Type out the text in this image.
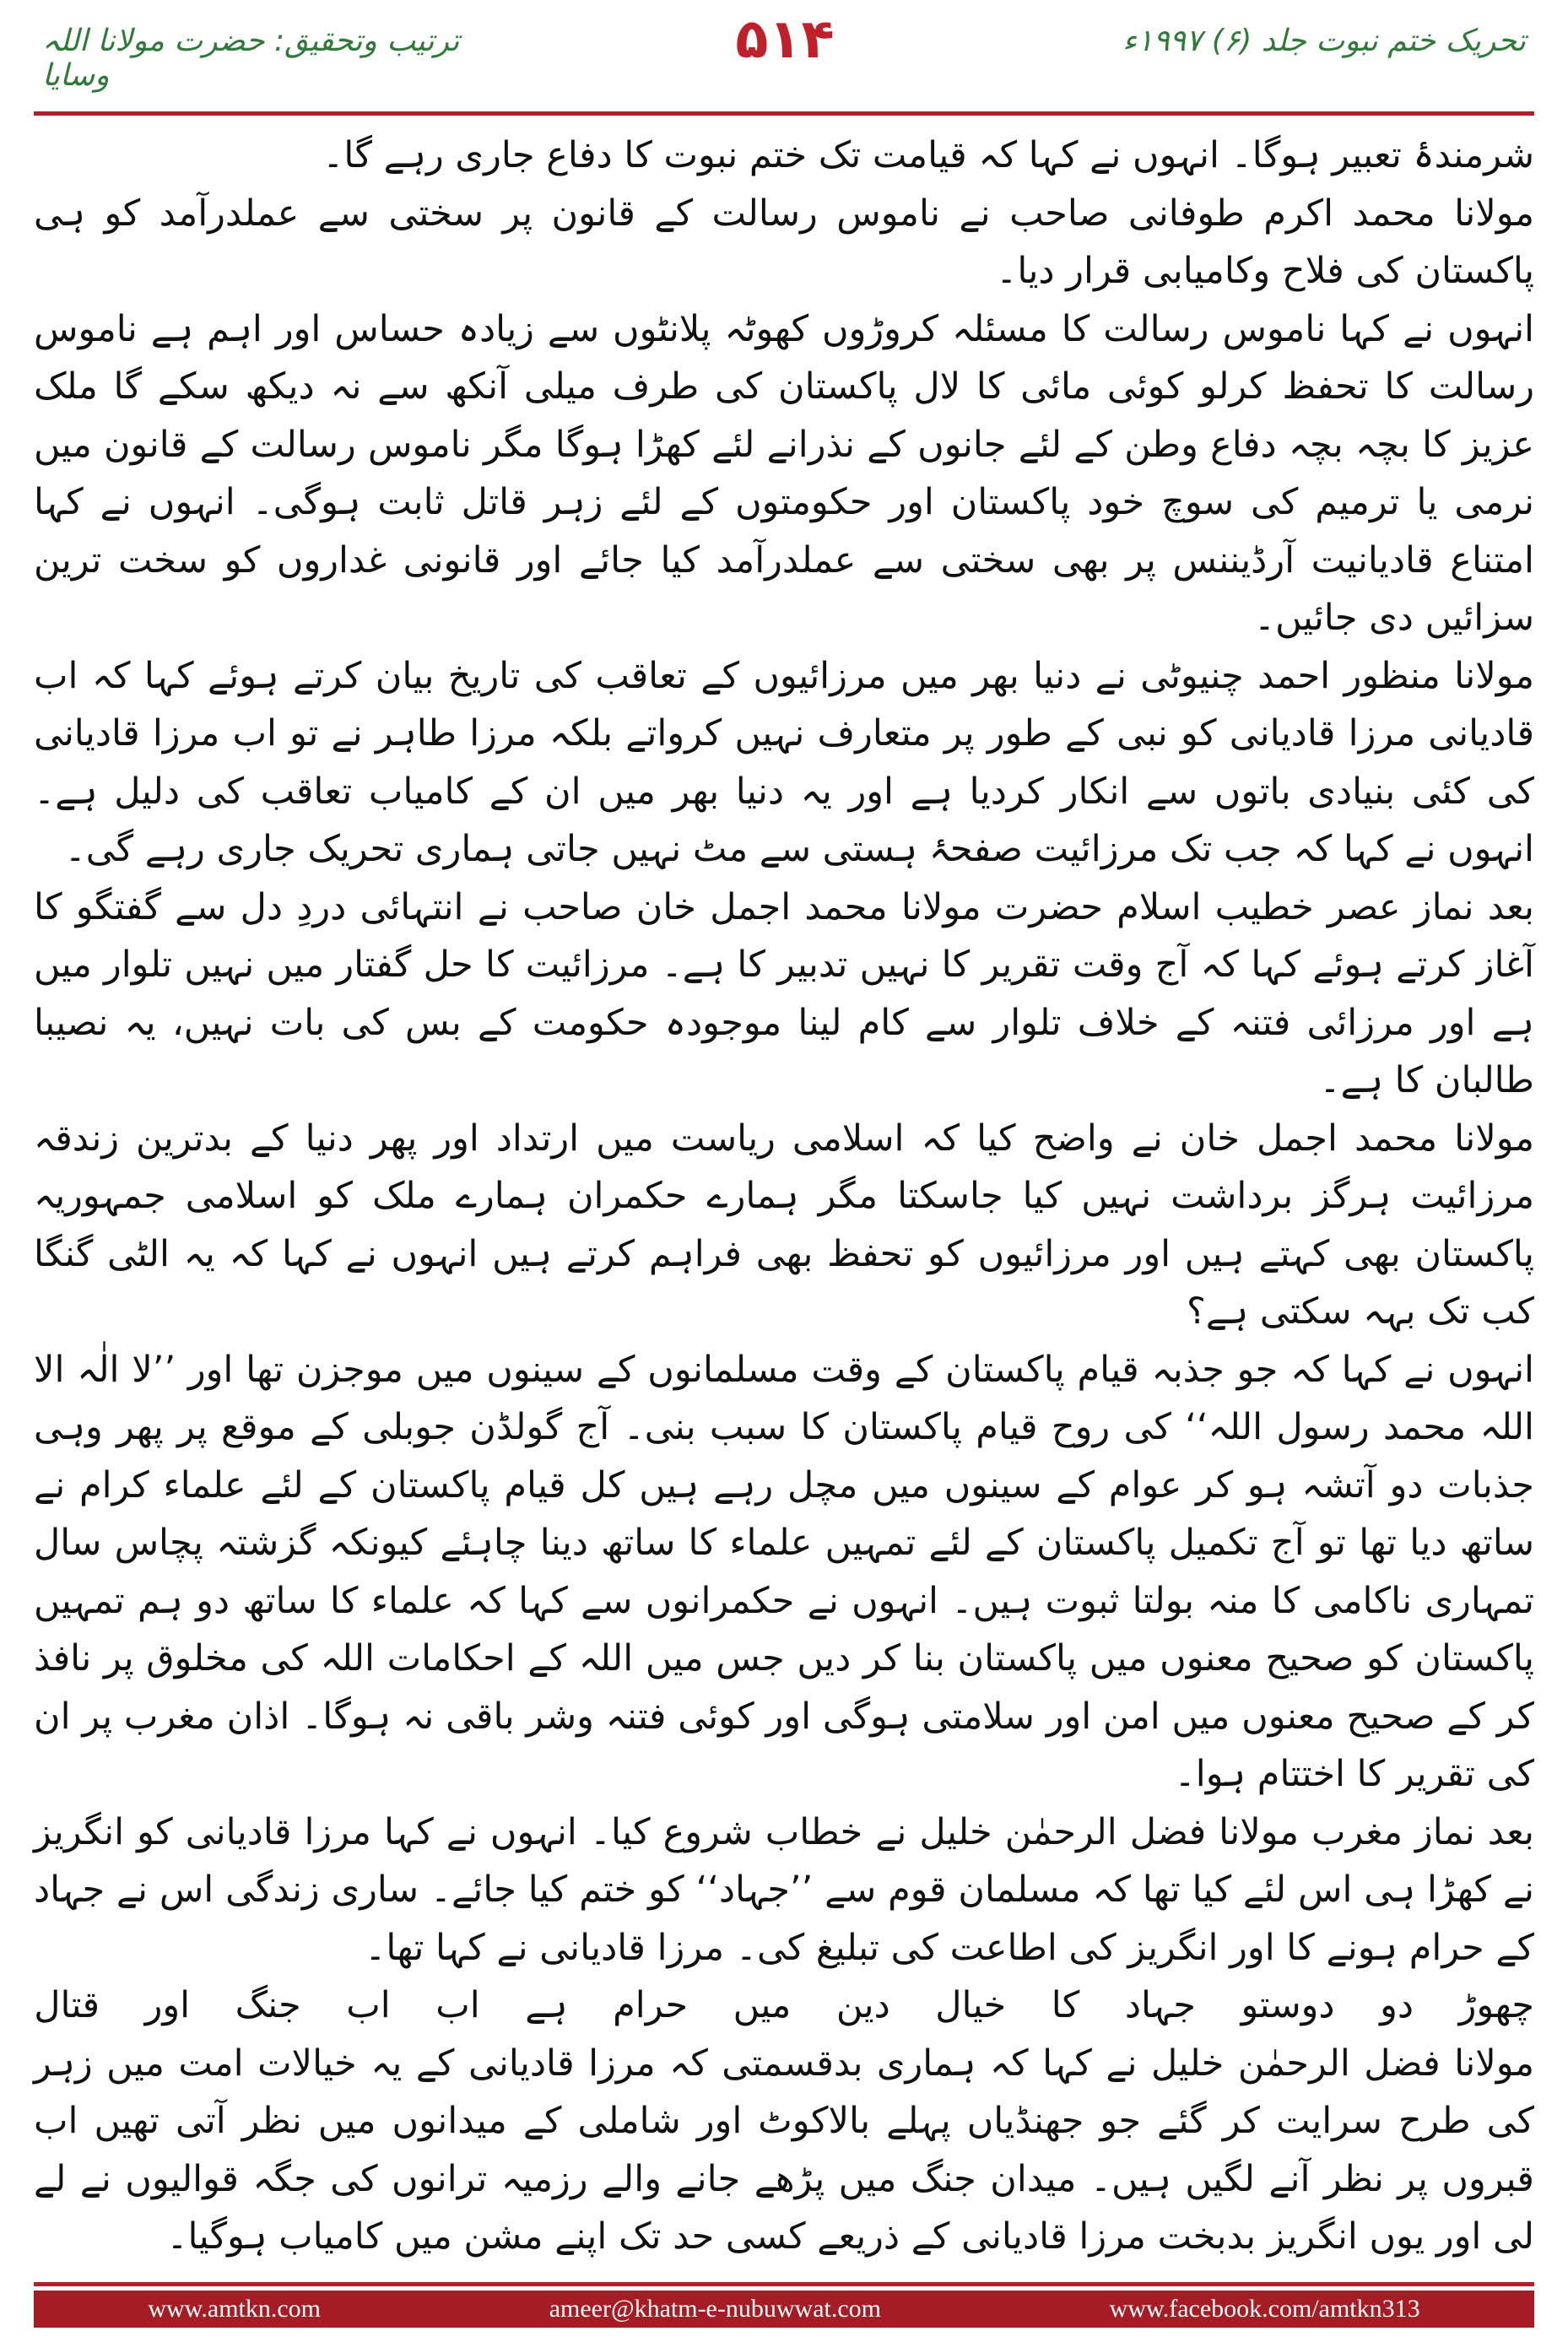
ترتیب وتحقیق: حضرت مولانا اللہ وسایا
۵۱۴	تحریک ختم نبوت جلد (۶) ۱۹۹۷ء

شرمندۂ تعبیر ہوگا۔ انہوں نے کہا کہ قیامت تک ختم نبوت کا دفاع جاری رہے گا۔

مولانا محمد اکرم طوفانی صاحب نے ناموس رسالت کے قانون پر سختی سے عملدرآمد کو ہی پاکستان کی فلاح وکامیابی قرار دیا۔

انہوں نے کہا ناموس رسالت کا مسئلہ کروڑوں کھوٹہ پلانٹوں سے زیادہ حساس اور اہم ہے ناموس رسالت کا تحفظ کرلو کوئی مائی کا لال پاکستان کی طرف میلی آنکھ سے نہ دیکھ سکے گا ملک عزیز کا بچہ بچہ دفاع وطن کے لئے جانوں کے نذرانے لئے کھڑا ہوگا مگر ناموس رسالت کے قانون میں نرمی یا ترمیم کی سوچ خود پاکستان اور حکومتوں کے لئے زہر قاتل ثابت ہوگی۔ انہوں نے کہا امتناع قادیانیت آرڈیننس پر بھی سختی سے عملدرآمد کیا جائے اور قانونی غداروں کو سخت ترین سزائیں دی جائیں۔

مولانا منظور احمد چنیوٹی نے دنیا بھر میں مرزائیوں کے تعاقب کی تاریخ بیان کرتے ہوئے کہا کہ اب قادیانی مرزا قادیانی کو نبی کے طور پر متعارف نہیں کرواتے بلکہ مرزا طاہر نے تو اب مرزا قادیانی کی کئی بنیادی باتوں سے انکار کردیا ہے اور یہ دنیا بھر میں ان کے کامیاب تعاقب کی دلیل ہے۔ انہوں نے کہا کہ جب تک مرزائیت صفحۂ ہستی سے مٹ نہیں جاتی ہماری تحریک جاری رہے گی۔

بعد نماز عصر خطیب اسلام حضرت مولانا محمد اجمل خان صاحب نے انتہائی دردِ دل سے گفتگو کا آغاز کرتے ہوئے کہا کہ آج وقت تقریر کا نہیں تدبیر کا ہے۔ مرزائیت کا حل گفتار میں نہیں تلوار میں ہے اور مرزائی فتنہ کے خلاف تلوار سے کام لینا موجودہ حکومت کے بس کی بات نہیں، یہ نصیبا طالبان کا ہے۔

مولانا محمد اجمل خان نے واضح کیا کہ اسلامی ریاست میں ارتداد اور پھر دنیا کے بدترین زندقہ مرزائیت ہرگز برداشت نہیں کیا جاسکتا مگر ہمارے حکمران ہمارے ملک کو اسلامی جمہوریہ پاکستان بھی کہتے ہیں اور مرزائیوں کو تحفظ بھی فراہم کرتے ہیں انہوں نے کہا کہ یہ الٹی گنگا کب تک بہہ سکتی ہے؟

انہوں نے کہا کہ جو جذبہ قیام پاکستان کے وقت مسلمانوں کے سینوں میں موجزن تھا اور ’’لا الٰہ الا اللہ محمد رسول اللہ‘‘ کی روح قیام پاکستان کا سبب بنی۔ آج گولڈن جوبلی کے موقع پر پھر وہی جذبات دو آتشہ ہو کر عوام کے سینوں میں مچل رہے ہیں کل قیام پاکستان کے لئے علماء کرام نے ساتھ دیا تھا تو آج تکمیل پاکستان کے لئے تمہیں علماء کا ساتھ دینا چاہئے کیونکہ گزشتہ پچاس سال تمہاری ناکامی کا منہ بولتا ثبوت ہیں۔ انہوں نے حکمرانوں سے کہا کہ علماء کا ساتھ دو ہم تمہیں پاکستان کو صحیح معنوں میں پاکستان بنا کر دیں جس میں اللہ کے احکامات اللہ کی مخلوق پر نافذ کر کے صحیح معنوں میں امن اور سلامتی ہوگی اور کوئی فتنہ وشر باقی نہ ہوگا۔ اذان مغرب پر ان کی تقریر کا اختتام ہوا۔

بعد نماز مغرب مولانا فضل الرحمٰن خلیل نے خطاب شروع کیا۔ انہوں نے کہا مرزا قادیانی کو انگریز نے کھڑا ہی اس لئے کیا تھا کہ مسلمان قوم سے ’’جہاد‘‘ کو ختم کیا جائے۔ ساری زندگی اس نے جہاد کے حرام ہونے کا اور انگریز کی اطاعت کی تبلیغ کی۔ مرزا قادیانی نے کہا تھا۔

چھوڑ
دو
دوستو
جہاد
کا
خیال
دین
میں
حرام
ہے
اب
اب
جنگ
اور
قتال

مولانا فضل الرحمٰن خلیل نے کہا کہ ہماری بدقسمتی کہ مرزا قادیانی کے یہ خیالات امت میں زہر کی طرح سرایت کر گئے جو جھنڈیاں پہلے بالاکوٹ اور شاملی کے میدانوں میں نظر آتی تھیں اب قبروں پر نظر آنے لگیں ہیں۔ میدان جنگ میں پڑھے جانے والے رزمیہ ترانوں کی جگہ قوالیوں نے لے لی اور یوں انگریز بدبخت مرزا قادیانی کے ذریعے کسی حد تک اپنے مشن میں کامیاب ہوگیا۔

www.amtkn.com	ameer@khatm-e-nubuwwat.com	www.facebook.com/amtkn313
